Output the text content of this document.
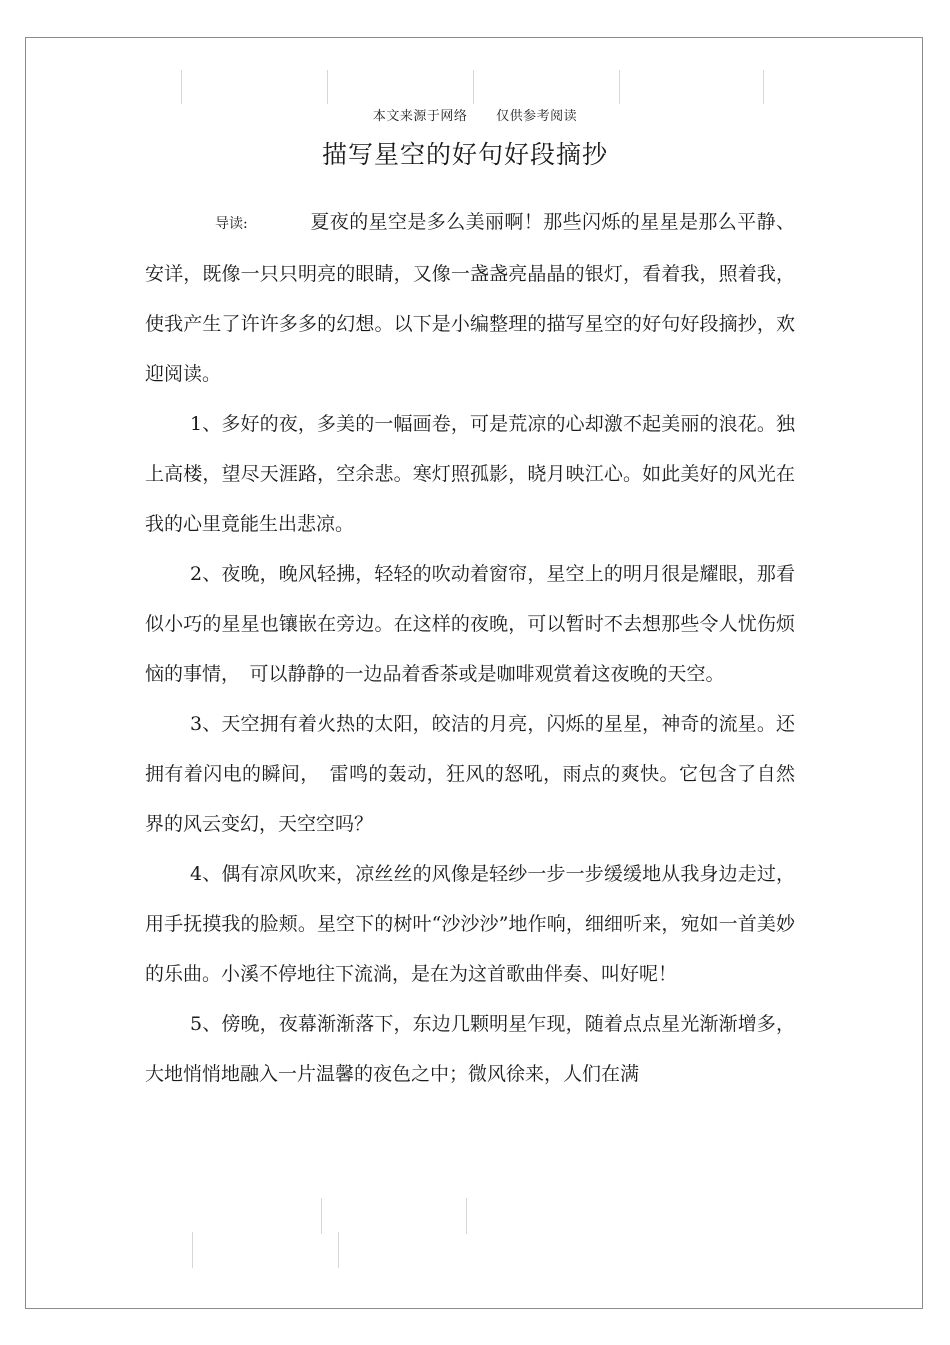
本文来源于网络 仅供参考阅读
描写星空的好句好段摘抄

导读:	夏夜的星空是多么美丽啊！那些闪烁的星星是那么平静、安详，既像一只只明亮的眼睛，又像一盏盏亮晶晶的银灯，看着我，照着我，使我产生了许许多多的幻想。以下是小编整理的描写星空的好句好段摘抄，欢迎阅读。

1、多好的夜，多美的一幅画卷，可是荒凉的心却激不起美丽的浪花。独上高楼，望尽天涯路，空余悲。寒灯照孤影，晓月映江心。如此美好的风光在我的心里竟能生出悲凉。

2、夜晚，晚风轻拂，轻轻的吹动着窗帘，星空上的明月很是耀眼，那看似小巧的星星也镶嵌在旁边。在这样的夜晚，可以暂时不去想那些令人忧伤烦恼的事情，　可以静静的一边品着香茶或是咖啡观赏着这夜晚的天空。

3、天空拥有着火热的太阳，皎洁的月亮，闪烁的星星，神奇的流星。还拥有着闪电的瞬间，　雷鸣的轰动，狂风的怒吼，雨点的爽快。它包含了自然界的风云变幻，天空空吗？

4、偶有凉风吹来，凉丝丝的风像是轻纱一步一步缓缓地从我身边走过，用手抚摸我的脸颊。星空下的树叶“沙沙沙”地作响，细细听来，宛如一首美妙的乐曲。小溪不停地往下流淌，是在为这首歌曲伴奏、叫好呢！

5、傍晚，夜幕渐渐落下，东边几颗明星乍现，随着点点星光渐渐增多，大地悄悄地融入一片温馨的夜色之中；微风徐来，人们在满
